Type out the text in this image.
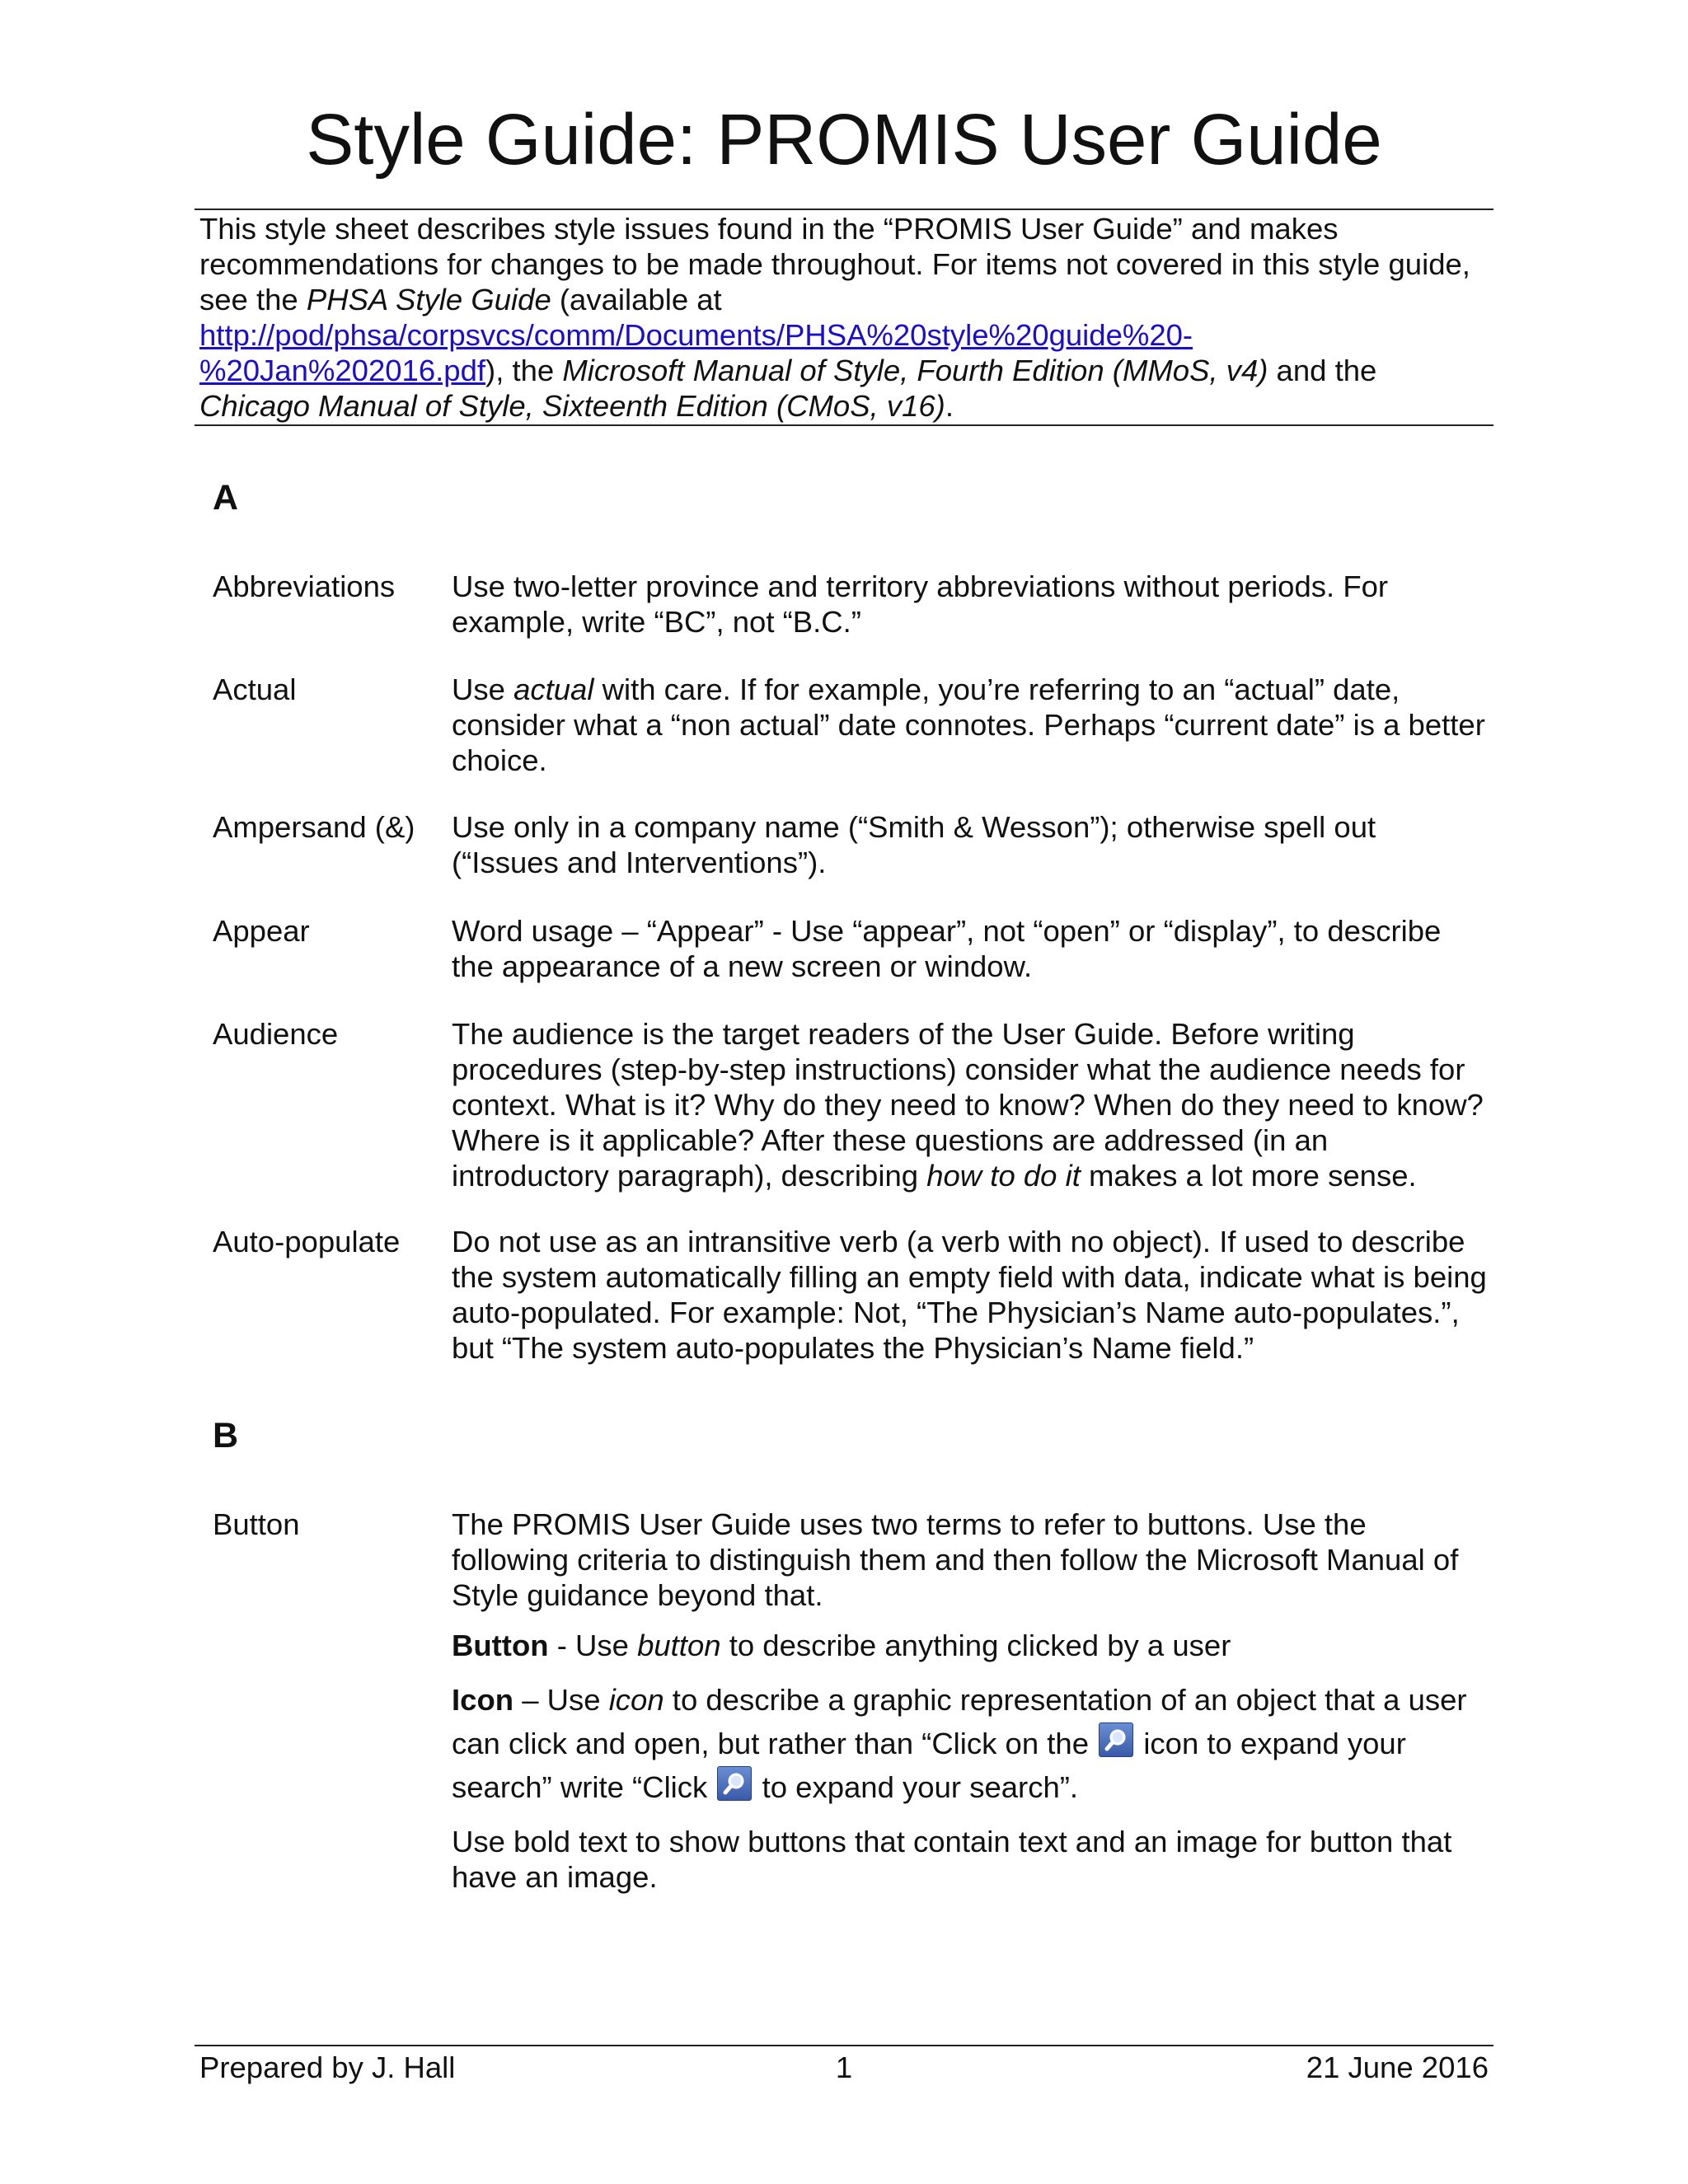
Style Guide: PROMIS User Guide
This style sheet describes style issues found in the “PROMIS User Guide” and makes recommendations for changes to be made throughout. For items not covered in this style guide, see the PHSA Style Guide (available at
http://pod/phsa/corpsvcs/comm/Documents/PHSA%20style%20guide%20-
%20Jan%202016.pdf), the Microsoft Manual of Style, Fourth Edition (MMoS, v4) and the Chicago Manual of Style, Sixteenth Edition (CMoS, v16).
A
Abbreviations	Use two-letter province and territory abbreviations without periods. For example, write “BC”, not “B.C.”
Actual	Use actual with care. If for example, you’re referring to an “actual” date, consider what a “non actual” date connotes. Perhaps “current date” is a better choice.
Ampersand (&)	Use only in a company name (“Smith & Wesson”); otherwise spell out (“Issues and Interventions”).
Appear	Word usage – “Appear” - Use “appear”, not “open” or “display”, to describe the appearance of a new screen or window.
Audience	The audience is the target readers of the User Guide. Before writing procedures (step-by-step instructions) consider what the audience needs for context. What is it? Why do they need to know? When do they need to know? Where is it applicable? After these questions are addressed (in an introductory paragraph), describing how to do it makes a lot more sense.
Auto-populate	Do not use as an intransitive verb (a verb with no object). If used to describe the system automatically filling an empty field with data, indicate what is being auto-populated. For example: Not, “The Physician’s Name auto-populates.”, but “The system auto-populates the Physician’s Name field.”
B
Button	The PROMIS User Guide uses two terms to refer to buttons. Use the following criteria to distinguish them and then follow the Microsoft Manual of Style guidance beyond that.

Button - Use button to describe anything clicked by a user

Icon – Use icon to describe a graphic representation of an object that a user can click and open, but rather than “Click on the
icon to expand your search” write “Click
to expand your search”.

Use bold text to show buttons that contain text and an image for button that have an image.

Prepared by J. Hall	1	21 June 2016
